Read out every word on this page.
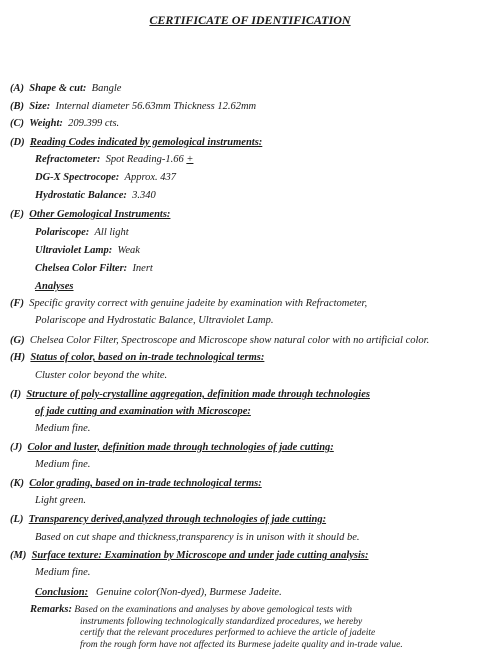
CERTIFICATE OF IDENTIFICATION
(A) Shape & cut: Bangle
(B) Size: Internal diameter 56.63mm Thickness 12.62mm
(C) Weight: 209.399 cts.
(D) Reading Codes indicated by gemological instruments:
Refractometer: Spot Reading-1.66 +
DG-X Spectrocope: Approx. 437
Hydrostatic Balance: 3.340
(E) Other Gemological Instruments:
Polariscope: All light
Ultraviolet Lamp: Weak
Chelsea Color Filter: Inert
Analyses
(F) Specific gravity correct with genuine jadeite by examination with Refractometer,
Polariscope and Hydrostatic Balance, Ultraviolet Lamp.
(G) Chelsea Color Filter, Spectroscope and Microscope show natural color with no artificial color.
(H) Status of color, based on in-trade technological terms:
Cluster color beyond the white.
(I) Structure of poly-crystalline aggregation, definition made through technologies
of jade cutting and examination with Microscope:
Medium fine.
(J) Color and luster, definition made through technologies of jade cutting:
Medium fine.
(K) Color grading, based on in-trade technological terms:
Light green.
(L) Transparency derived,analyzed through technologies of jade cutting:
Based on cut shape and thickness,transparency is in unison with it should be.
(M) Surface texture: Examination by Microscope and under jade cutting analysis:
Medium fine.
Conclusion: Genuine color(Non-dyed), Burmese Jadeite.
Remarks: Based on the examinations and analyses by above gemological tests with
instruments following technologically standardized procedures, we hereby
certify that the relevant procedures performed to achieve the article of jadeite
from the rough form have not affected its Burmese jadeite quality and in-trade value.
